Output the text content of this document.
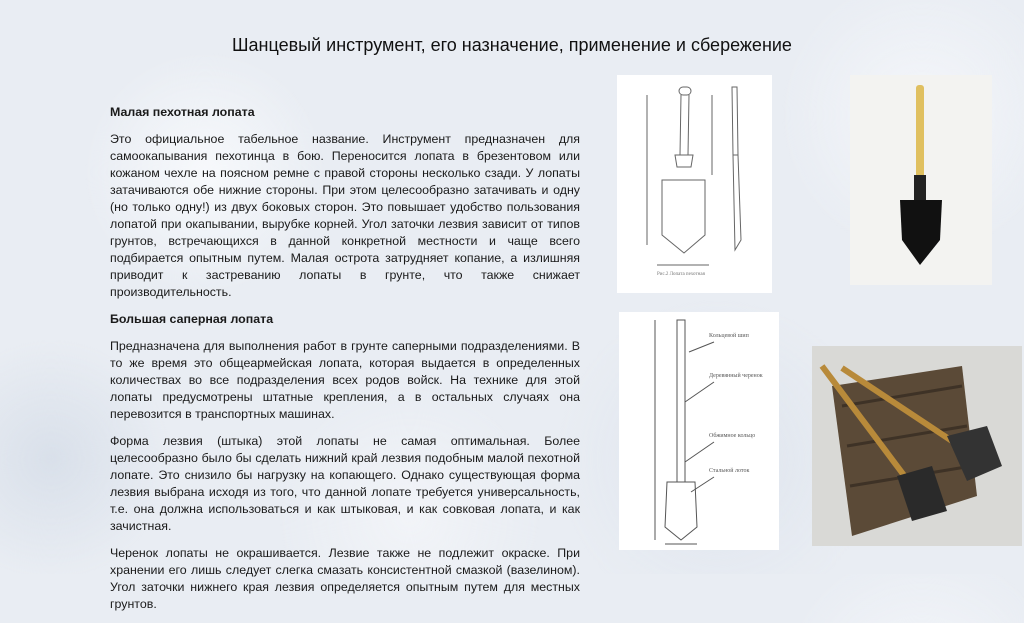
Шанцевый инструмент, его назначение, применение и сбережение
Малая пехотная лопата

Это официальное табельное название. Инструмент предназначен для самоокапывания пехотинца в бою. Переносится лопата в брезентовом или кожаном чехле на поясном ремне с правой стороны несколько сзади. У лопаты затачиваются обе нижние стороны. При этом целесообразно затачивать и одну (но только одну!) из двух боковых сторон. Это повышает удобство пользования лопатой при окапывании, вырубке корней. Угол заточки лезвия зависит от типов грунтов, встречающихся в данной конкретной местности и чаще всего подбирается опытным путем. Малая острота затрудняет копание, а излишняя приводит к застреванию лопаты в грунте, что также снижает производительность.

Большая саперная лопата

Предназначена для выполнения работ в грунте саперными подразделениями. В то же время это общеармейская лопата, которая выдается в определенных количествах во все подразделения всех родов войск. На технике для этой лопаты предусмотрены штатные крепления, а в остальных случаях она перевозится в транспортных машинах.

Форма лезвия (штыка) этой лопаты не самая оптимальная. Более целесообразно было бы сделать нижний край лезвия подобным малой пехотной лопате. Это снизило бы нагрузку на копающего. Однако существующая форма лезвия выбрана исходя из того, что данной лопате требуется универсальность, т.е. она должна использоваться и как штыковая, и как совковая лопата, и как зачистная.

Черенок лопаты не окрашивается. Лезвие также не подлежит окраске. При хранении его лишь следует слегка смазать консистентной смазкой (вазелином). Угол заточки нижнего края лезвия определяется опытным путем для местных грунтов.

Рис.2 Лопата пехотная
Кольцевой шип
Деревянный черенок
Обжимное кольцо
Стальной лоток
